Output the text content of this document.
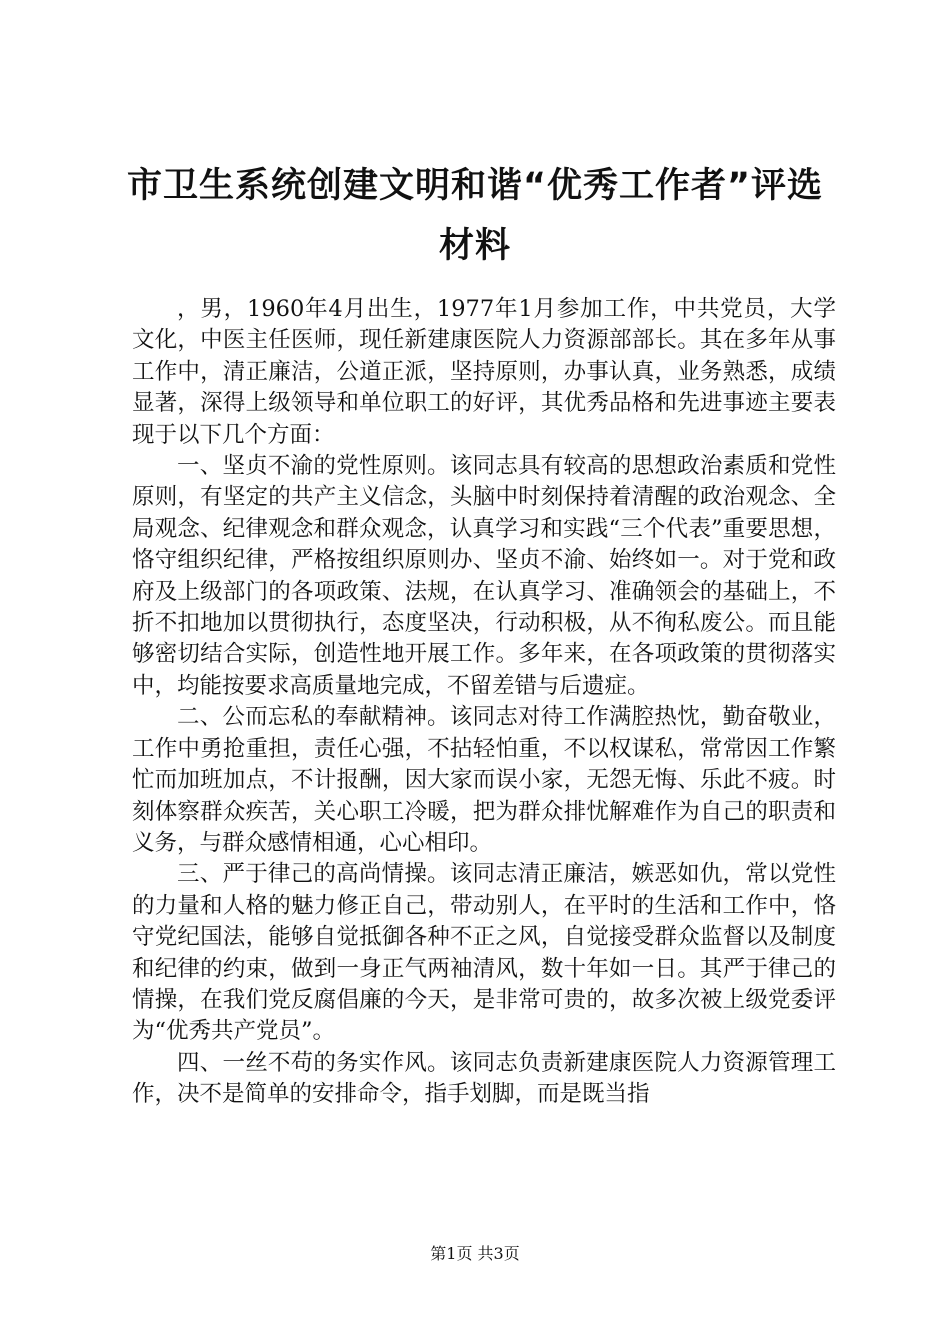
市卫生系统创建文明和谐“优秀工作者”评选材料

，男，1960年4月出生，1977年1月参加工作，中共党员，大学文化，中医主任医师，现任新建康医院人力资源部部长。其在多年从事工作中，清正廉洁，公道正派，坚持原则，办事认真，业务熟悉，成绩显著，深得上级领导和单位职工的好评，其优秀品格和先进事迹主要表现于以下几个方面：

一、坚贞不渝的党性原则。该同志具有较高的思想政治素质和党性原则，有坚定的共产主义信念，头脑中时刻保持着清醒的政治观念、全局观念、纪律观念和群众观念，认真学习和实践“三个代表”重要思想，恪守组织纪律，严格按组织原则办、坚贞不渝、始终如一。对于党和政府及上级部门的各项政策、法规，在认真学习、准确领会的基础上，不折不扣地加以贯彻执行，态度坚决，行动积极，从不徇私废公。而且能够密切结合实际，创造性地开展工作。多年来，在各项政策的贯彻落实中，均能按要求高质量地完成，不留差错与后遗症。

二、公而忘私的奉献精神。该同志对待工作满腔热忱，勤奋敬业，工作中勇抢重担，责任心强，不拈轻怕重，不以权谋私，常常因工作繁忙而加班加点，不计报酬，因大家而误小家，无怨无悔、乐此不疲。时刻体察群众疾苦，关心职工冷暖，把为群众排忧解难作为自己的职责和义务，与群众感情相通，心心相印。

三、严于律己的高尚情操。该同志清正廉洁，嫉恶如仇，常以党性的力量和人格的魅力修正自己，带动别人，在平时的生活和工作中，恪守党纪国法，能够自觉抵御各种不正之风，自觉接受群众监督以及制度和纪律的约束，做到一身正气两袖清风，数十年如一日。其严于律己的情操，在我们党反腐倡廉的今天，是非常可贵的，故多次被上级党委评为“优秀共产党员”。

四、一丝不苟的务实作风。该同志负责新建康医院人力资源管理工作，决不是简单的安排命令，指手划脚，而是既当指

第1页 共3页
